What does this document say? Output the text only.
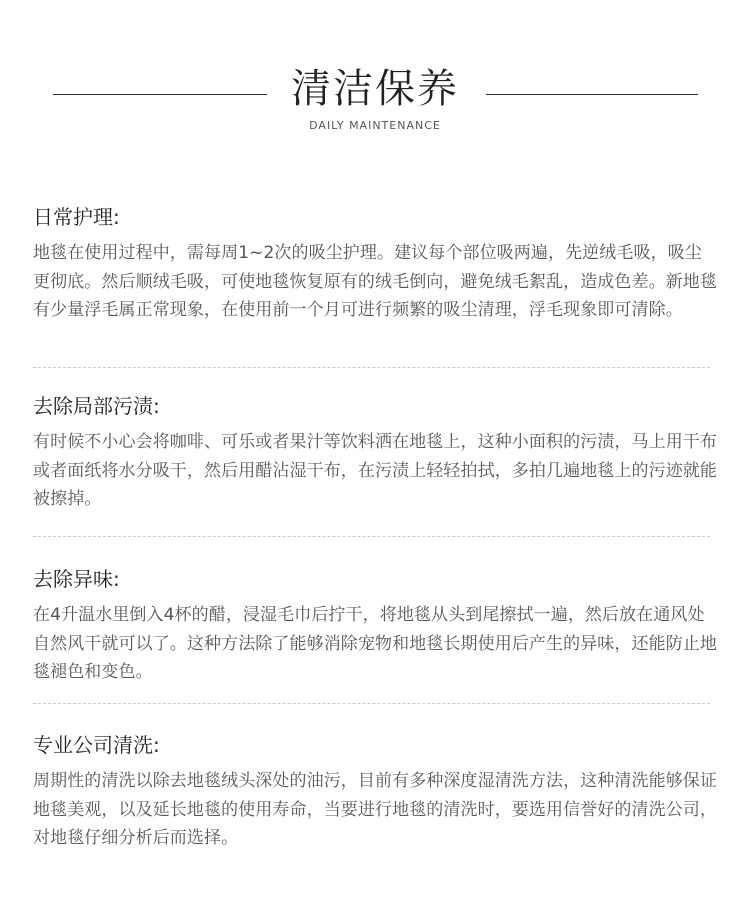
清洁保养
DAILY MAINTENANCE
日常护理:

地毯在使用过程中，需每周1~2次的吸尘护理。建议每个部位吸两遍，先逆绒毛吸，吸尘更彻底。然后顺绒毛吸，可使地毯恢复原有的绒毛倒向，避免绒毛絮乱，造成色差。新地毯有少量浮毛属正常现象，在使用前一个月可进行频繁的吸尘清理，浮毛现象即可清除。

去除局部污渍:

有时候不小心会将咖啡、可乐或者果汁等饮料洒在地毯上，这种小面积的污渍，马上用干布或者面纸将水分吸干，然后用醋沾湿干布，在污渍上轻轻拍拭，多拍几遍地毯上的污迹就能被擦掉。

去除异味:

在4升温水里倒入4杯的醋，浸湿毛巾后拧干，将地毯从头到尾擦拭一遍，然后放在通风处自然风干就可以了。这种方法除了能够消除宠物和地毯长期使用后产生的异味，还能防止地毯褪色和变色。

专业公司清洗:

周期性的清洗以除去地毯绒头深处的油污，目前有多种深度湿清洗方法，这种清洗能够保证地毯美观，以及延长地毯的使用寿命，当要进行地毯的清洗时，要选用信誉好的清洗公司，对地毯仔细分析后而选择。
